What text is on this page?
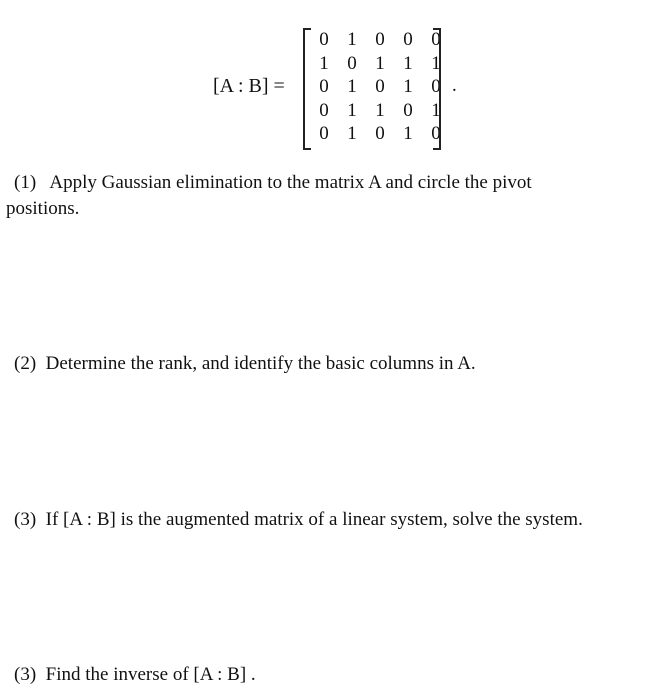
[A : B] =
0 1 0 0 0
1 0 1 1 1
0 1 0 1 0
0 1 1 0 1
0 1 0 1 0
.
(1) Apply Gaussian elimination to the matrix A and circle the pivot
positions.
(2) Determine the rank, and identify the basic columns in A.
(3) If [A : B] is the augmented matrix of a linear system, solve the system.
(3) Find the inverse of [A : B] .
